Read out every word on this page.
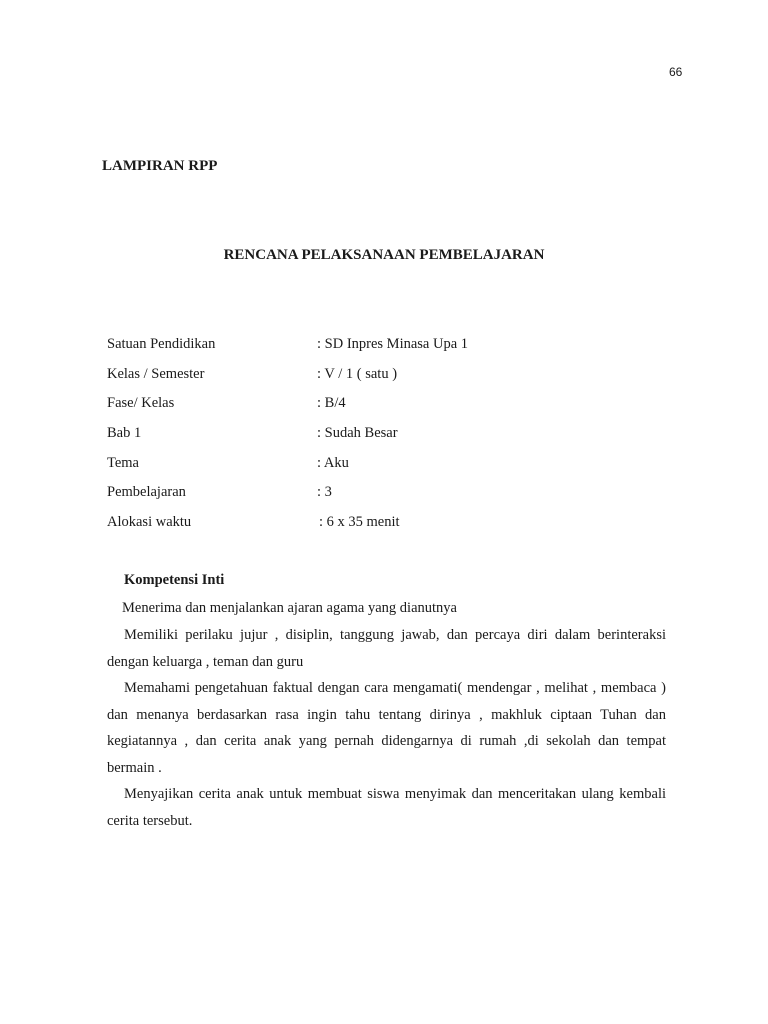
66
LAMPIRAN RPP
RENCANA PELAKSANAAN PEMBELAJARAN
Satuan Pendidikan	: SD Inpres Minasa Upa 1
Kelas / Semester	: V / 1 ( satu )
Fase/ Kelas	: B/4
Bab 1	: Sudah Besar
Tema	: Aku
Pembelajaran	: 3
Alokasi waktu	: 6 x 35 menit
Kompetensi Inti
Menerima dan menjalankan ajaran agama yang dianutnya
Memiliki perilaku jujur , disiplin, tanggung jawab, dan percaya diri dalam berinteraksi dengan keluarga , teman dan guru
Memahami pengetahuan faktual dengan cara mengamati( mendengar , melihat , membaca ) dan menanya berdasarkan rasa ingin tahu tentang dirinya , makhluk ciptaan Tuhan dan kegiatannya , dan cerita anak yang pernah didengarnya di rumah ,di sekolah dan tempat bermain .
Menyajikan cerita anak untuk membuat siswa menyimak dan menceritakan ulang kembali cerita tersebut.
